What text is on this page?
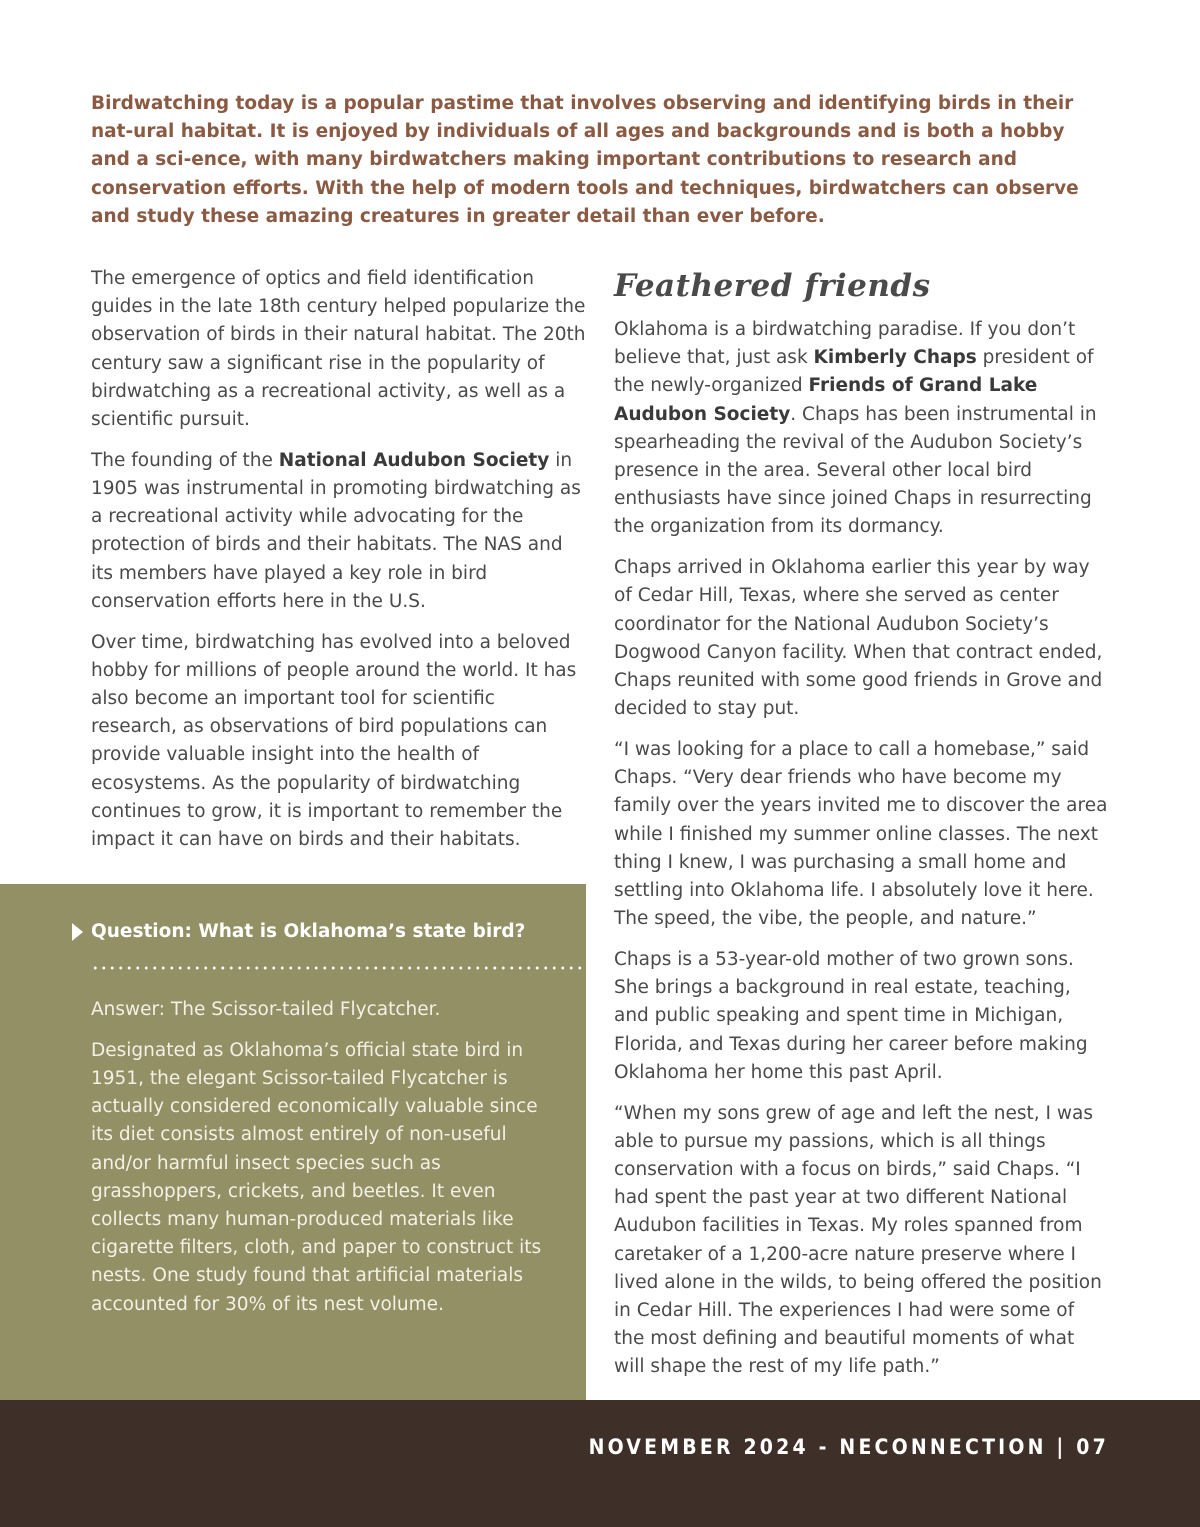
Birdwatching today is a popular pastime that involves observing and identifying birds in their nat-ural habitat. It is enjoyed by individuals of all ages and backgrounds and is both a hobby and a sci-ence, with many birdwatchers making important contributions to research and conservation efforts. With the help of modern tools and techniques, birdwatchers can observe and study these amazing creatures in greater detail than ever before.

The emergence of optics and field identification guides in the late 18th century helped popularize the observation of birds in their natural habitat. The 20th century saw a significant rise in the popularity of birdwatching as a recreational activity, as well as a scientific pursuit.

The founding of the National Audubon Society in 1905 was instrumental in promoting birdwatching as a recreational activity while advocating for the protection of birds and their habitats. The NAS and its members have played a key role in bird conservation efforts here in the U.S.

Over time, birdwatching has evolved into a beloved hobby for millions of people around the world. It has also become an important tool for scientific research, as observations of bird populations can provide valuable insight into the health of ecosystems. As the popularity of birdwatching continues to grow, it is important to remember the impact it can have on birds and their habitats.

Question: What is Oklahoma’s state bird?

Answer: The Scissor-tailed Flycatcher.

Designated as Oklahoma’s official state bird in 1951, the elegant Scissor-tailed Flycatcher is actually considered economically valuable since its diet consists almost entirely of non-useful and/or harmful insect species such as grasshoppers, crickets, and beetles. It even collects many human-produced materials like cigarette filters, cloth, and paper to construct its nests. One study found that artificial materials accounted for 30% of its nest volume.

Feathered friends

Oklahoma is a birdwatching paradise. If you don’t believe that, just ask Kimberly Chaps president of the newly-organized Friends of Grand Lake Audubon Society. Chaps has been instrumental in spearheading the revival of the Audubon Society’s presence in the area. Several other local bird enthusiasts have since joined Chaps in resurrecting the organization from its dormancy.

Chaps arrived in Oklahoma earlier this year by way of Cedar Hill, Texas, where she served as center coordinator for the National Audubon Society’s Dogwood Canyon facility. When that contract ended, Chaps reunited with some good friends in Grove and decided to stay put.

“I was looking for a place to call a homebase,” said Chaps. “Very dear friends who have become my family over the years invited me to discover the area while I finished my summer online classes. The next thing I knew, I was purchasing a small home and settling into Oklahoma life. I absolutely love it here. The speed, the vibe, the people, and nature.”

Chaps is a 53-year-old mother of two grown sons. She brings a background in real estate, teaching, and public speaking and spent time in Michigan, Florida, and Texas during her career before making Oklahoma her home this past April.

“When my sons grew of age and left the nest, I was able to pursue my passions, which is all things conservation with a focus on birds,” said Chaps. “I had spent the past year at two different National Audubon facilities in Texas. My roles spanned from caretaker of a 1,200-acre nature preserve where I lived alone in the wilds, to being offered the position in Cedar Hill. The experiences I had were some of the most defining and beautiful moments of what will shape the rest of my life path.”

NOVEMBER 2024 - NECONNECTION | 07
